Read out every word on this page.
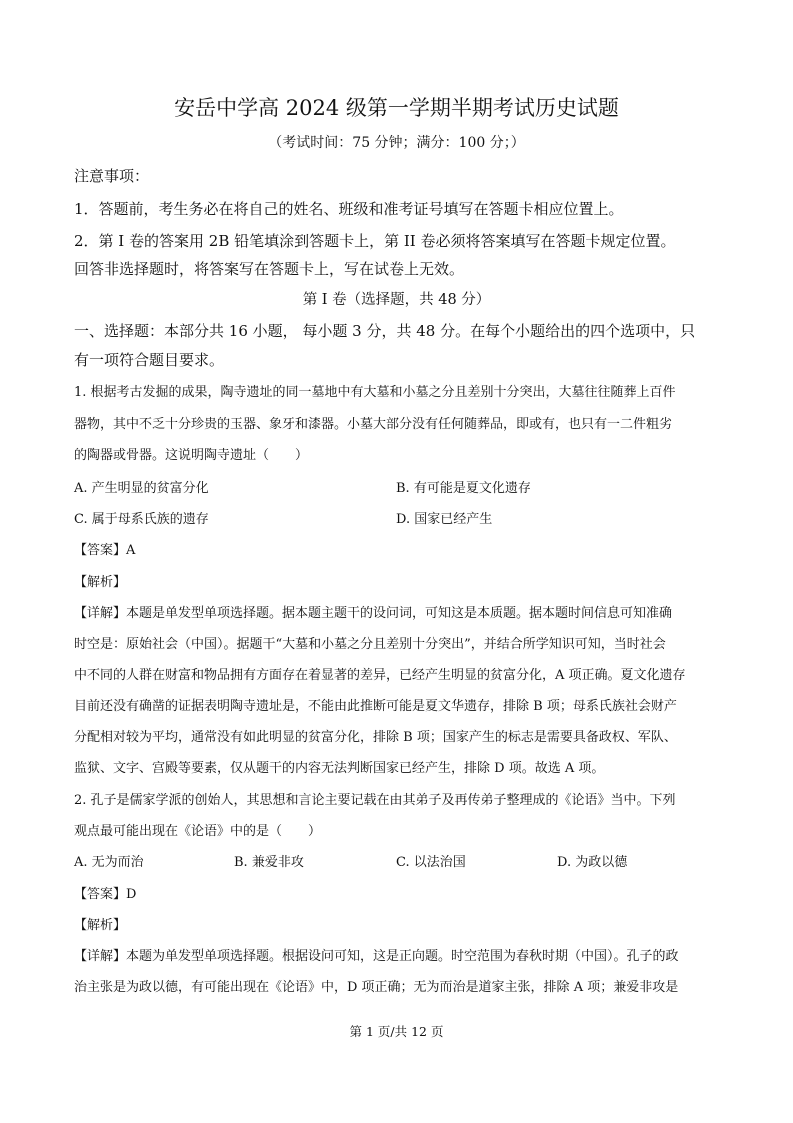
安岳中学高 2024 级第一学期半期考试历史试题
（考试时间：75 分钟；满分：100 分；）
注意事项：
1．答题前，考生务必在将自己的姓名、班级和准考证号填写在答题卡相应位置上。
2．第 I 卷的答案用 2B 铅笔填涂到答题卡上，第 II 卷必须将答案填写在答题卡规定位置。
回答非选择题时，将答案写在答题卡上，写在试卷上无效。
第 I 卷（选择题，共 48 分）
一、选择题：本部分共 16 小题， 每小题 3 分，共 48 分。在每个小题给出的四个选项中，只
有一项符合题目要求。
1. 根据考古发掘的成果，陶寺遗址的同一墓地中有大墓和小墓之分且差别十分突出，大墓往往随葬上百件
器物，其中不乏十分珍贵的玉器、象牙和漆器。小墓大部分没有任何随葬品，即或有，也只有一二件粗劣
的陶器或骨器。这说明陶寺遗址（　　）
A. 产生明显的贫富分化	B. 有可能是夏文化遗存
C. 属于母系氏族的遗存	D. 国家已经产生
【答案】A
【解析】
【详解】本题是单发型单项选择题。据本题主题干的设问词，可知这是本质题。据本题时间信息可知准确
时空是：原始社会（中国）。据题干“大墓和小墓之分且差别十分突出”，并结合所学知识可知，当时社会
中不同的人群在财富和物品拥有方面存在着显著的差异，已经产生明显的贫富分化，A 项正确。夏文化遗存
目前还没有确凿的证据表明陶寺遗址是，不能由此推断可能是夏文华遗存，排除 B 项；母系氏族社会财产
分配相对较为平均，通常没有如此明显的贫富分化，排除 B 项；国家产生的标志是需要具备政权、军队、
监狱、文字、宫殿等要素，仅从题干的内容无法判断国家已经产生，排除 D 项。故选 A 项。
2. 孔子是儒家学派的创始人，其思想和言论主要记载在由其弟子及再传弟子整理成的《论语》当中。下列
观点最可能出现在《论语》中的是（　　）
A. 无为而治	B. 兼爱非攻	C. 以法治国	D. 为政以德
【答案】D
【解析】
【详解】本题为单发型单项选择题。根据设问可知，这是正向题。时空范围为春秋时期（中国）。孔子的政
治主张是为政以德，有可能出现在《论语》中，D 项正确；无为而治是道家主张，排除 A 项；兼爱非攻是
第 1 页/共 12 页
